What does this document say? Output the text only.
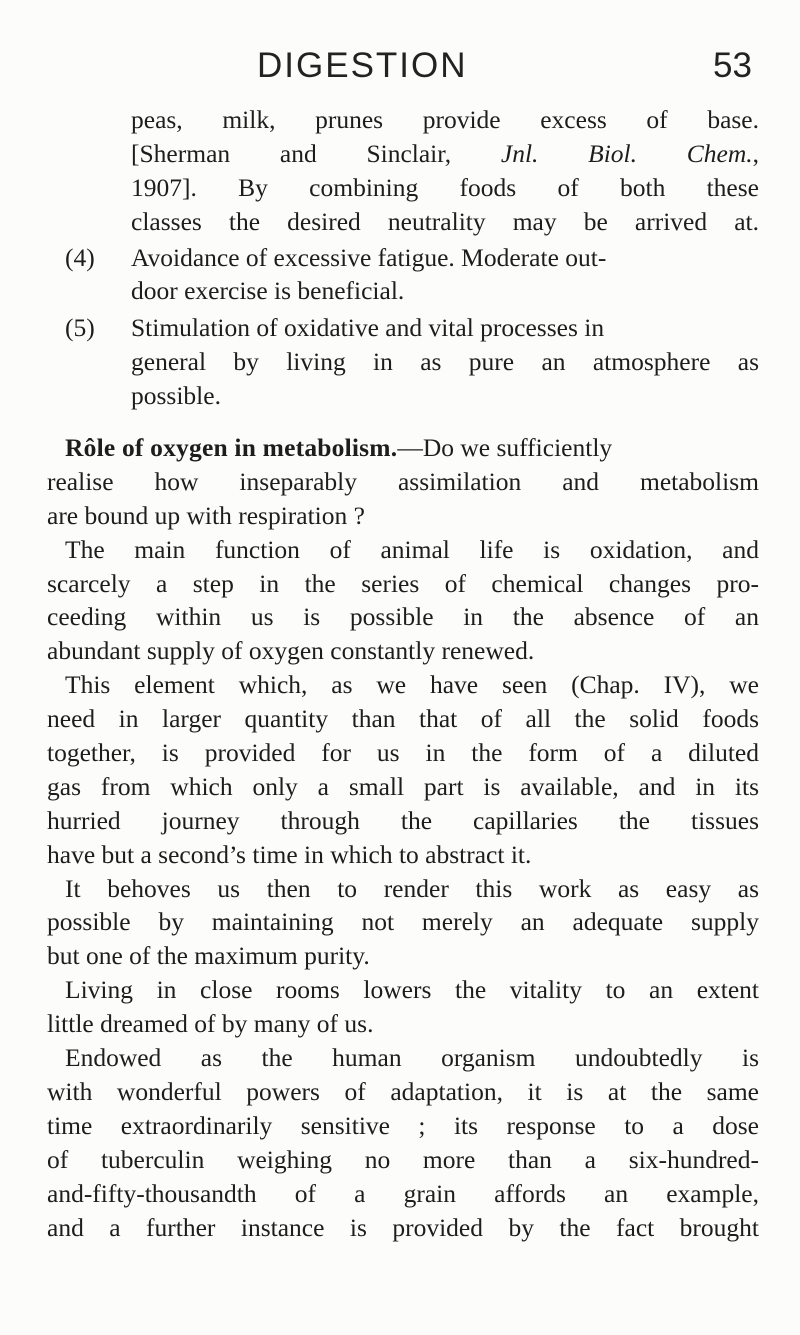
DIGESTION	53
peas, milk, prunes provide excess of base.
[Sherman and Sinclair, Jnl. Biol. Chem.,
1907]. By combining foods of both these
classes the desired neutrality may be arrived at.
(4) Avoidance of excessive fatigue. Moderate out-
door exercise is beneficial.
(5) Stimulation of oxidative and vital processes in
general by living in as pure an atmosphere as
possible.
Rôle of oxygen in metabolism.—Do we sufficiently
realise how inseparably assimilation and metabolism
are bound up with respiration ?
The main function of animal life is oxidation, and
scarcely a step in the series of chemical changes pro-
ceeding within us is possible in the absence of an
abundant supply of oxygen constantly renewed.
This element which, as we have seen (Chap. IV), we
need in larger quantity than that of all the solid foods
together, is provided for us in the form of a diluted
gas from which only a small part is available, and in its
hurried journey through the capillaries the tissues
have but a second’s time in which to abstract it.
It behoves us then to render this work as easy as
possible by maintaining not merely an adequate supply
but one of the maximum purity.
Living in close rooms lowers the vitality to an extent
little dreamed of by many of us.
Endowed as the human organism undoubtedly is
with wonderful powers of adaptation, it is at the same
time extraordinarily sensitive ; its response to a dose
of tuberculin weighing no more than a six-hundred-
and-fifty-thousandth of a grain affords an example,
and a further instance is provided by the fact brought
